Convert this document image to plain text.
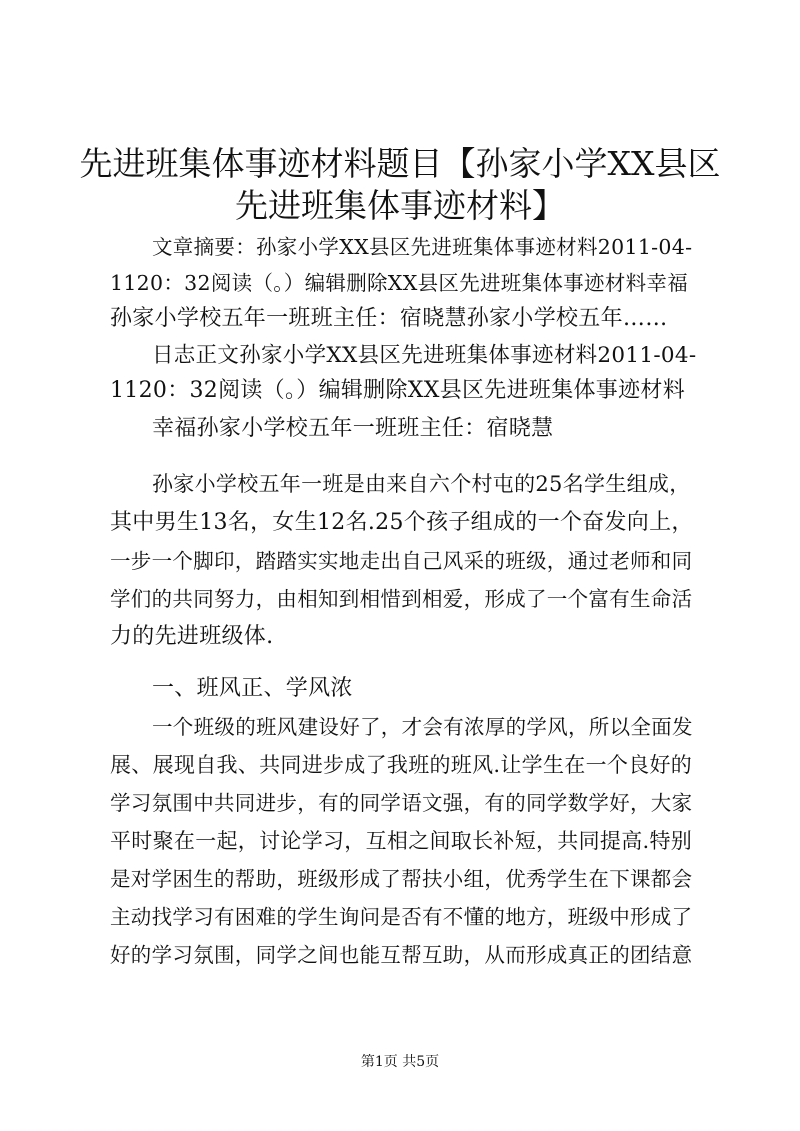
先进班集体事迹材料题目【孙家小学XX县区
先进班集体事迹材料】
文章摘要：孙家小学XX县区先进班集体事迹材料2011-04-
1120：32阅读（。）编辑删除XX县区先进班集体事迹材料幸福
孙家小学校五年一班班主任：宿晓慧孙家小学校五年……
日志正文孙家小学XX县区先进班集体事迹材料2011-04-
1120：32阅读（。）编辑删除XX县区先进班集体事迹材料
幸福孙家小学校五年一班班主任：宿晓慧
孙家小学校五年一班是由来自六个村屯的25名学生组成，
其中男生13名，女生12名.25个孩子组成的一个奋发向上，
一步一个脚印，踏踏实实地走出自己风采的班级，通过老师和同
学们的共同努力，由相知到相惜到相爱，形成了一个富有生命活
力的先进班级体.
一、班风正、学风浓
一个班级的班风建设好了，才会有浓厚的学风，所以全面发
展、展现自我、共同进步成了我班的班风.让学生在一个良好的
学习氛围中共同进步，有的同学语文强，有的同学数学好，大家
平时聚在一起，讨论学习，互相之间取长补短，共同提高.特别
是对学困生的帮助，班级形成了帮扶小组，优秀学生在下课都会
主动找学习有困难的学生询问是否有不懂的地方，班级中形成了
好的学习氛围，同学之间也能互帮互助，从而形成真正的团结意
第1页 共5页
